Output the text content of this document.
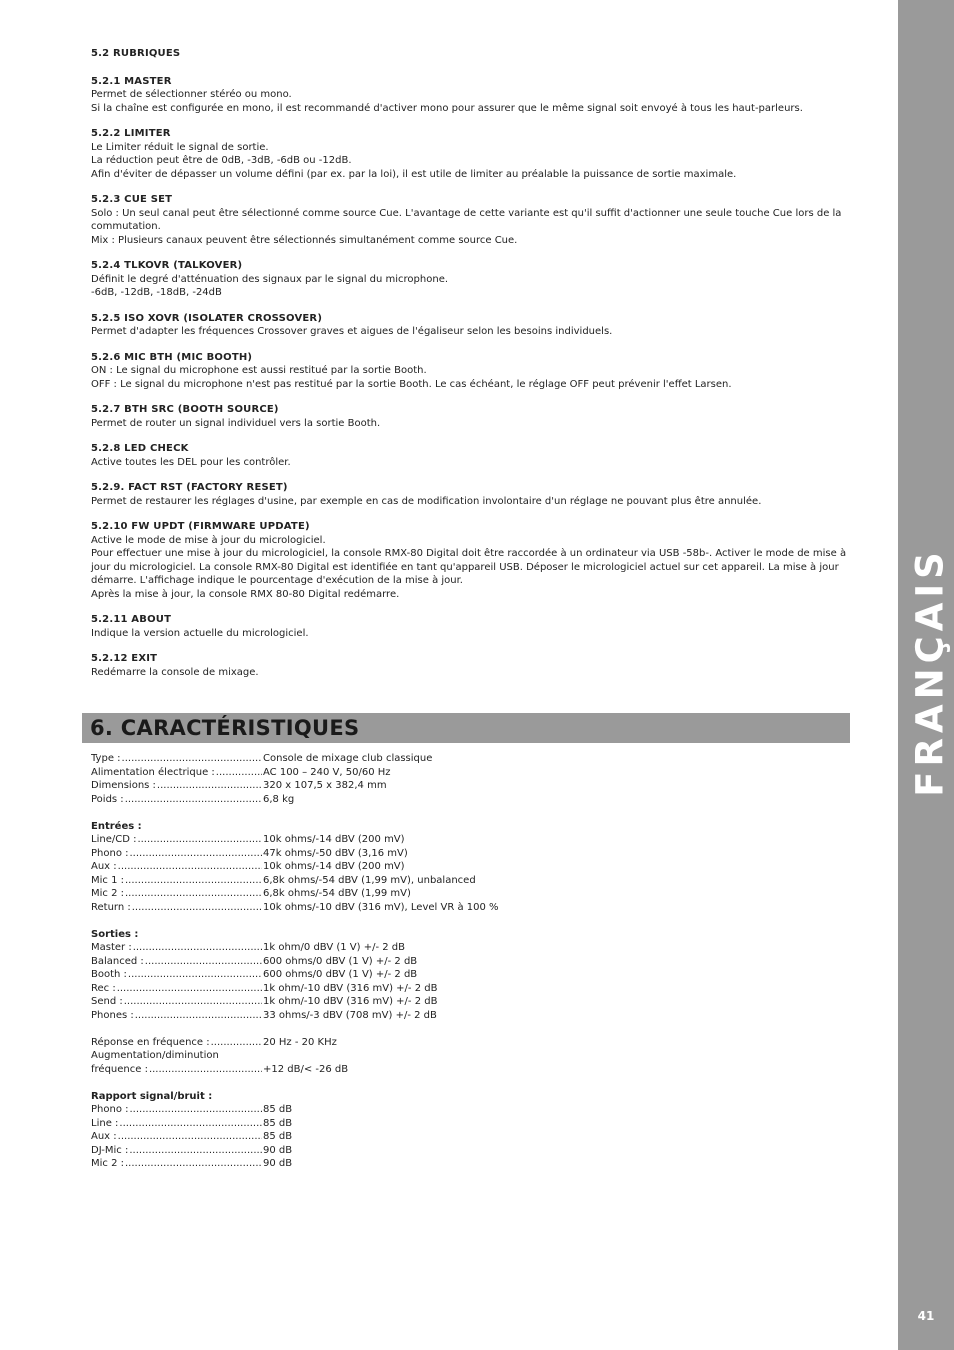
5.2 RUBRIQUES
5.2.1 MASTER
Permet de sélectionner stéréo ou mono.
Si la chaîne est configurée en mono, il est recommandé d'activer mono pour assurer que le même signal soit envoyé à tous les haut-parleurs.
5.2.2 LIMITER
Le Limiter réduit le signal de sortie.
La réduction peut être de 0dB, -3dB, -6dB ou -12dB.
Afin d'éviter de dépasser un volume défini (par ex. par la loi), il est utile de limiter au préalable la puissance de sortie maximale.
5.2.3 CUE SET
Solo : Un seul canal peut être sélectionné comme source Cue. L'avantage de cette variante est qu'il suffit d'actionner une seule touche Cue lors de la commutation.
Mix : Plusieurs canaux peuvent être sélectionnés simultanément comme source Cue.
5.2.4 TLKOVR (TALKOVER)
Définit le degré d'atténuation des signaux par le signal du microphone.
-6dB, -12dB, -18dB, -24dB
5.2.5 ISO XOVR (ISOLATER CROSSOVER)
Permet d'adapter les fréquences Crossover graves et aigues de l'égaliseur selon les besoins individuels.
5.2.6 MIC BTH (MIC BOOTH)
ON : Le signal du microphone est aussi restitué par la sortie Booth.
OFF : Le signal du microphone n'est pas restitué par la sortie Booth. Le cas échéant, le réglage OFF peut prévenir l'effet Larsen.
5.2.7 BTH SRC (BOOTH SOURCE)
Permet de router un signal individuel vers la sortie Booth.
5.2.8 LED CHECK
Active toutes les DEL pour les contrôler.
5.2.9. FACT RST (FACTORY RESET)
Permet de restaurer les réglages d'usine, par exemple en cas de modification involontaire d'un réglage ne pouvant plus être annulée.
5.2.10 FW UPDT (FIRMWARE UPDATE)
Active le mode de mise à jour du micrologiciel.
Pour effectuer une mise à jour du micrologiciel, la console RMX-80 Digital doit être raccordée à un ordinateur via USB -58b-. Activer le mode de mise à jour du micrologiciel. La console RMX-80 Digital est identifiée en tant qu'appareil USB. Déposer le micrologiciel actuel sur cet appareil. La mise à jour démarre. L'affichage indique le pourcentage d'exécution de la mise à jour.
Après la mise à jour, la console RMX 80-80 Digital redémarre.
5.2.11 ABOUT
Indique la version actuelle du micrologiciel.
5.2.12 EXIT
Redémarre la console de mixage.
6. CARACTÉRISTIQUES
Type : .....	Console de mixage club classique
Alimentation électrique : .....	AC 100 – 240 V, 50/60 Hz
Dimensions : .....	320 x 107,5 x 382,4 mm
Poids : .....	6,8 kg
Entrées :
Line/CD : .....	10k ohms/-14 dBV (200 mV)
Phono : .....	47k ohms/-50 dBV (3,16 mV)
Aux : .....	10k ohms/-14 dBV (200 mV)
Mic 1 : .....	6,8k ohms/-54 dBV (1,99 mV), unbalanced
Mic 2 : .....	6,8k ohms/-54 dBV (1,99 mV)
Return : .....	10k ohms/-10 dBV (316 mV), Level VR à 100 %
Sorties :
Master : .....	1k ohm/0 dBV (1 V) +/- 2 dB
Balanced : .....	600 ohms/0 dBV (1 V) +/- 2 dB
Booth : .....	600 ohms/0 dBV (1 V) +/- 2 dB
Rec : .....	1k ohm/-10 dBV (316 mV) +/- 2 dB
Send : .....	1k ohm/-10 dBV (316 mV) +/- 2 dB
Phones : .....	33 ohms/-3 dBV (708 mV) +/- 2 dB
Réponse en fréquence : .....	20 Hz - 20 KHz
Augmentation/diminution
fréquence : .....	+12 dB/< -26 dB
Rapport signal/bruit :
Phono : .....	85 dB
Line : .....	85 dB
Aux : .....	85 dB
DJ-Mic : .....	90 dB
Mic 2 : .....	90 dB
FRANÇAIS
41
